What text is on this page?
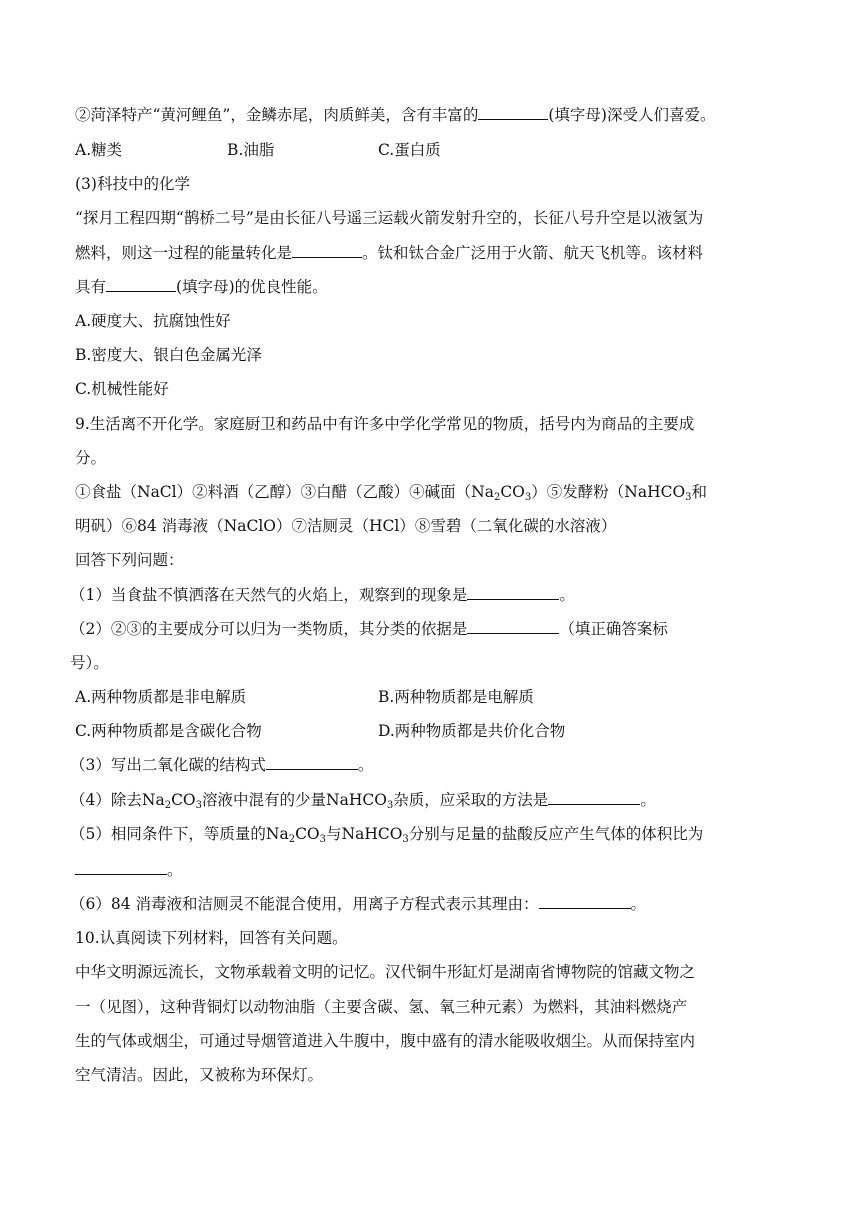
②菏泽特产“黄河鲤鱼”，金鳞赤尾，肉质鲜美，含有丰富的	(填字母)深受人们喜爱。
A.糖类	B.油脂	C.蛋白质
(3)科技中的化学
“探月工程四期“鹊桥二号”是由长征八号遥三运载火箭发射升空的，长征八号升空是以液氢为
燃料，则这一过程的能量转化是	。钛和钛合金广泛用于火箭、航天飞机等。该材料
具有	(填字母)的优良性能。
A.硬度大、抗腐蚀性好
B.密度大、银白色金属光泽
C.机械性能好
9.生活离不开化学。家庭厨卫和药品中有许多中学化学常见的物质，括号内为商品的主要成
分。
①食盐（NaCl）②料酒（乙醇）③白醋（乙酸）④碱面$(Na_2CO_3)⑤$发酵粉（NaHCO$_3$和
明矾）⑥84 消毒液（NaClO）⑦洁厕灵（HCl）⑧雪碧（二氧化碳的水溶液）
回答下列问题：
（1）当食盐不慎洒落在天然气的火焰上，观察到的现象是	。
（2）②③的主要成分可以归为一类物质，其分类的依据是	（填正确答案标
号）。
A.两种物质都是非电解质	B.两种物质都是电解质
C.两种物质都是含碳化合物	D.两种物质都是共价化合物
（3）写出二氧化碳的结构式	。
（4）除去$Na_2CO_3$溶液中混有的少量NaHCO$_3$杂质，应采取的方法是	。
（5）相同条件下，等质量的$Na_2CO_3$与NaHCO$_3$分别与足量的盐酸反应产生气体的体积比为
。
（6）84 消毒液和洁厕灵不能混合使用，用离子方程式表示其理由：	。
10.认真阅读下列材料，回答有关问题。
中华文明源远流长，文物承载着文明的记忆。汉代铜牛形缸灯是湖南省博物院的馆藏文物之
一（见图），这种背铜灯以动物油脂（主要含碳、氢、氧三种元素）为燃料，其油料燃烧产
生的气体或烟尘，可通过导烟管道进入牛腹中，腹中盛有的清水能吸收烟尘。从而保持室内
空气清洁。因此，又被称为环保灯。
